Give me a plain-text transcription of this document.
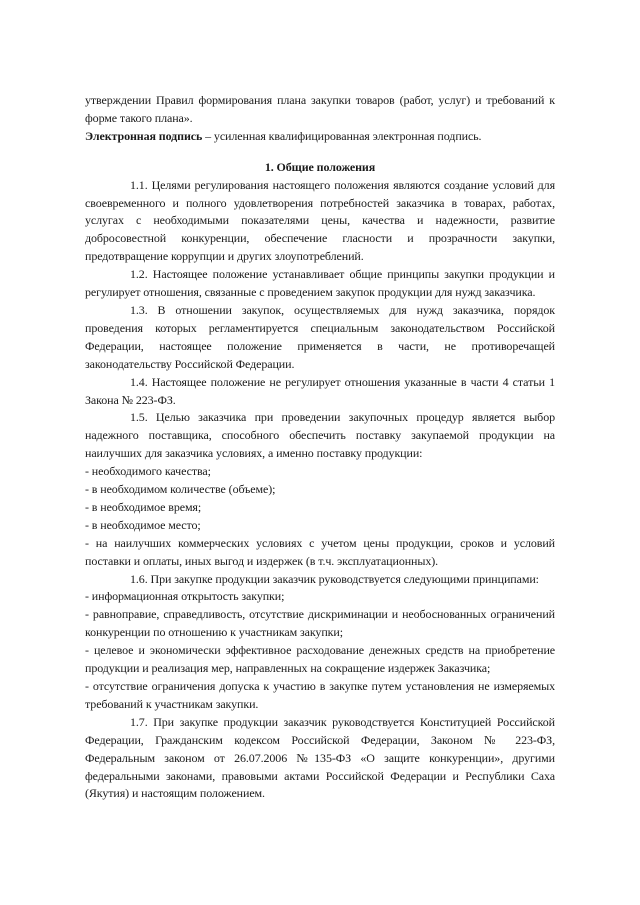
утверждении Правил формирования плана закупки товаров (работ, услуг) и требований к форме такого плана».

Электронная подпись – усиленная квалифицированная электронная подпись.

1. Общие положения

1.1. Целями регулирования настоящего положения являются создание условий для своевременного и полного удовлетворения потребностей заказчика в товарах, работах, услугах с необходимыми показателями цены, качества и надежности, развитие добросовестной конкуренции, обеспечение гласности и прозрачности закупки, предотвращение коррупции и других злоупотреблений.

1.2. Настоящее положение устанавливает общие принципы закупки продукции и регулирует отношения, связанные с проведением закупок продукции для нужд заказчика.

1.3. В отношении закупок, осуществляемых для нужд заказчика, порядок проведения которых регламентируется специальным законодательством Российской Федерации, настоящее положение применяется в части, не противоречащей законодательству Российской Федерации.

1.4. Настоящее положение не регулирует отношения указанные в части 4 статьи 1 Закона № 223-ФЗ.

1.5. Целью заказчика при проведении закупочных процедур является выбор надежного поставщика, способного обеспечить поставку закупаемой продукции на наилучших для заказчика условиях, а именно поставку продукции:

- необходимого качества;

- в необходимом количестве (объеме);

- в необходимое время;

- в необходимое место;

- на наилучших коммерческих условиях с учетом цены продукции, сроков и условий поставки и оплаты, иных выгод и издержек (в т.ч. эксплуатационных).

1.6. При закупке продукции заказчик руководствуется следующими принципами:

- информационная открытость закупки;

- равноправие, справедливость, отсутствие дискриминации и необоснованных ограничений конкуренции по отношению к участникам закупки;

- целевое и экономически эффективное расходование денежных средств на приобретение продукции и реализация мер, направленных на сокращение издержек Заказчика;

- отсутствие ограничения допуска к участию в закупке путем установления не измеряемых требований к участникам закупки.

1.7. При закупке продукции заказчик руководствуется Конституцией Российской Федерации, Гражданским кодексом Российской Федерации, Законом № 223-ФЗ, Федеральным законом от 26.07.2006 №135-ФЗ «О защите конкуренции», другими федеральными законами, правовыми актами Российской Федерации и Республики Саха (Якутия) и настоящим положением.
